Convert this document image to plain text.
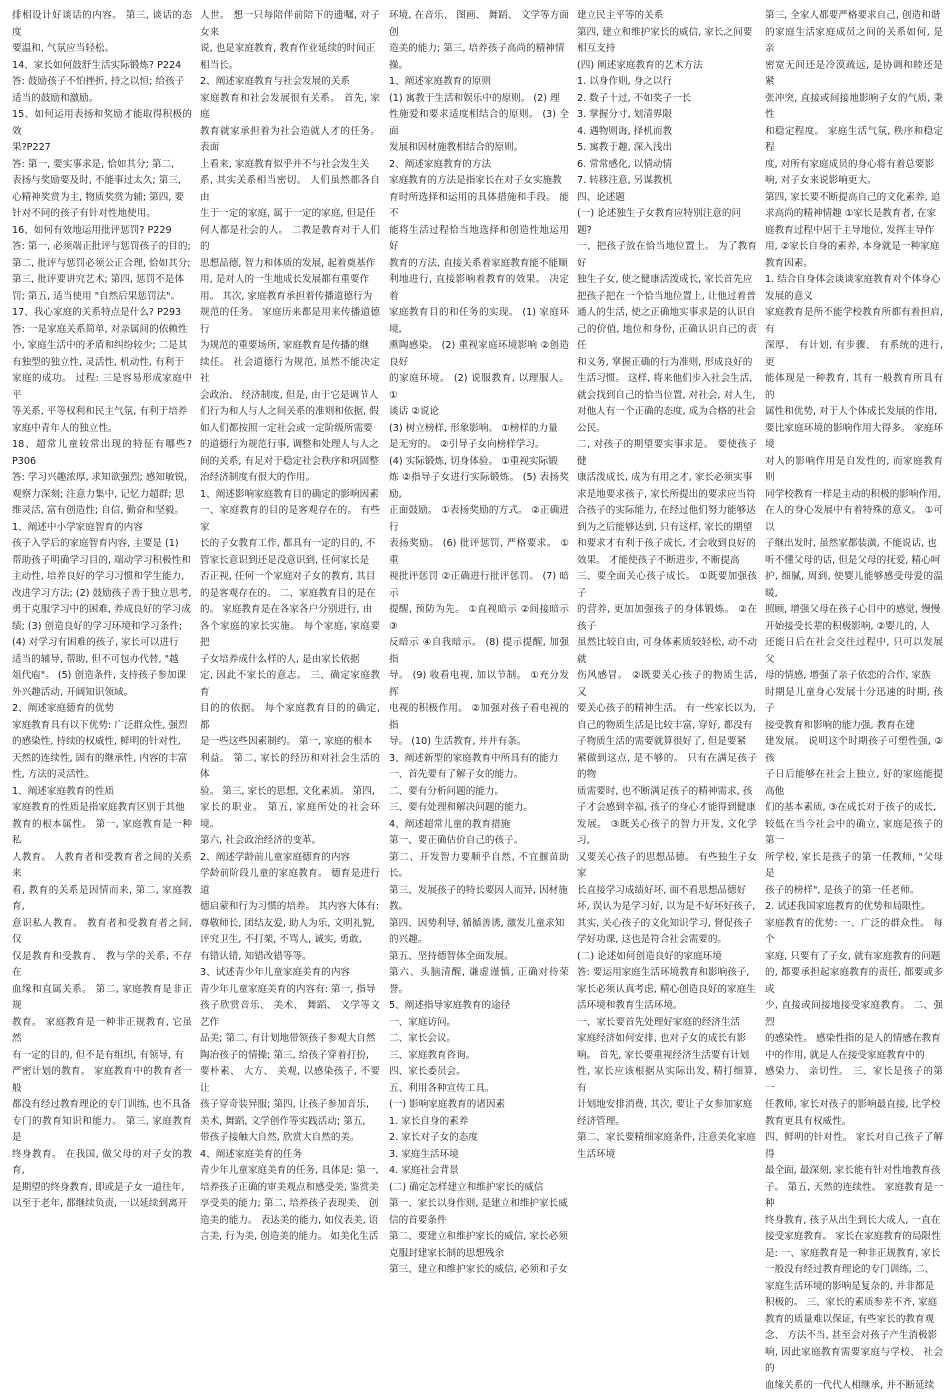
排相设计好谈话的内容。 第三, 谈话的态度

要温和, 气氛应当轻松。

14、家长如何鼓舒生活实际锻炼? P224

答: 鼓励孩子不怕挫折, 持之以恒; 给孩子

适当的鼓励和激励。

15、如何运用表扬和奖励才能取得积极的效

果?P227

答: 第一, 要实事求是, 恰如其分; 第二,

表扬与奖励要及时, 不能事过太久; 第三,

心精神奖赏为主, 物质奖赏为辅; 第四, 要

针对不同的孩子有针对性地使用。

16、如何有效地运用批评惩罚? P229

答: 第一, 必须端正批评与惩罚孩子的目的;

第二, 批评与惩罚必须公正合理, 恰如其分;

第三, 批评要讲究艺术; 第四, 惩罚不是体

罚; 第五, 适当使用 "自然后果惩罚法"。

17、我心家庭的关系特点是什么? P293

答: 一是家庭关系简单, 对亲属间的依赖性

小, 家庭生活中的矛盾和纠纷较少; 二是其

有独型的独立性, 灵活性, 机动性, 有利于

家庭的成功。 过程: 三是容易形成家庭中平

等关系, 平等权利和民主气氛, 有利于培养

家庭中青年人的独立性。

18、超常儿童较常出现的特征有哪些? P306

答: 学习兴趣浓厚, 求知欲强烈; 感知敏锐,

观察力深刻; 注意力集中, 记忆力超群; 思

维灵活, 富有创造性; 自信, 勤奋和坚毅。

1、阐述中小学家庭智育的内容

孩子入学后的家庭智育内容, 主要是 (1)

帮助孩子明确学习目的, 端动学习积极性和

主动性, 培养良好的学习习惯和学生能力,

改进学习方法; (2) 鼓励孩子善于独立思考,

勇于克服学习中的困难, 养成良好的学习成

绩; (3) 创造良好的学习环境和学习条件;

(4) 对学习有困难的孩子, 家长可以进行

适当的辅导, 帮助, 但不可包办代替, "越

俎代庖"。 (5) 创造条件, 支持孩子参加课

外兴趣活动, 开阔知识领域。

2、阐述家庭德育的优势

家庭教育具有以下优势: 广泛群众性, 强烈

的感染性, 持续的权威性, 鲜明的针对性,

天然的连续性, 固有的继承性, 内容的丰富

性, 方法的灵活性。

1、阐述家庭教育的性质

家庭教育的性质是指家庭教育区别于其他

教育的根本属性。 第一, 家庭教育是一种私

人教育。 人教育者和受教育者之间的关系来

看, 教育的关系是因情而来, 第二, 家庭教育,

意识私人教育。 教育者和受教育者之间, 仅

仅是教育和受教育、 教与学的关系, 不存在

血缘和直属关系。 第二, 家庭教育是非正规

教育。 家庭教育是一种非正规教育, 它虽然

有一定的目的, 但不是有组织, 有领导, 有

严密计划的教育。 家庭教育中的教育者一般

都没有经过教育理论的专门训练, 也不具备

专门的教育知识和能力。 第三, 家庭教育是

终身教育。 在我国, 做父母的对子女的教育,

是期望的终身教育, 即或是子女一道往年,

以至于老年, 都继续负责, 一以延续到离开

人世。 想一只每陪伴前陪下的遗嘱, 对子女来

说, 也是家庭教育, 教育作业延续的时间正

相当长。

2、阐述家庭教育与社会发展的关系

家庭教育和社会发展很有关系。 首先, 家庭

教育就家承担着为社会造就人才的任务。 表面

上看来, 家庭教育似乎并不与社会发生关

系, 其实关系相当密切。 人们虽然都各自由

生于一定的家庭, 属于一定的家庭, 但是任

何人都是社会的人。 二教是教育对于人们的

思想品德, 智力和体质的发展, 起着奠基作

用, 是对人的一生地成长发展都有重要作

用。 其次, 家庭教育承担着传播道德行为

规范的任务。 家庭历来都是用来传播道德行

为规范的重要场所, 家庭教育是传播的继

续任。 社会道德行为规范, 虽然不能决定社

会政治、 经济制度, 但是, 由于它是调节人

们行为和人与人之间关系的准则和依据, 假

如人们都按照一定社会或一定阶级所需要

的道德行为规范行事, 调整和处理人与人之

间的关系, 有足对于稳定社会秩序和巩固整

治经济制度有很大的作用。

1、阐述影响家庭教育目的确定的影响因素

一、家庭教育的目的是客观存在的。 有些家

长的子女教育工作, 都具有一定的目的, 不

管家长意识到还是没意识到, 任何家长是

否正视, 任何一个家庭对子女的教育, 其目

的是客观存在的。 二、家庭教育目的是在

的。 家庭教育是在各家各户分别进行, 由

各个家庭的家长实施。 每个家庭, 家庭要把

子女培养成什么样的人, 是由家长依据

定, 因此不家长的意志。 三、确定家庭教育

目的的依据。 每个家庭教育目的的确定, 都

是一些这些因素制约。 第一, 家庭的根本

利益。 第二, 家长的经历和对社会生活的体

验。 第三, 家长的思想, 文化素质。 第四,

家长的职业。 第五, 家庭所处的社会环境。

第六, 社会政治经济的变革。

2、阐述学龄前儿童家庭德育的内容

学龄前阶段儿童的家庭教育。 德育是进行道

德启蒙和行为习惯的培养。 其内容大体有:

尊敬师长, 团结友爱, 助人为乐, 文明礼貌,

评究卫生, 不打架, 不骂人, 诚实, 勇敢,

有错认错, 知错改错等等。

3、试述青少年儿童家庭美育的内容

青少年儿童家庭美育的内容有: 第一, 指导

孩子欣赏音乐、 美术、 舞蹈、 文学等文艺作

品美; 第二, 有计划地带领孩子参观大自然

陶冶孩子的情操; 第三, 给孩子穿着打扮,

要朴素、 大方、 美观, 以感染孩子, 不要让

孩子穿奇装异服; 第四, 让孩子参加音乐,

美术, 舞蹈, 文学创作等实践活动; 第五,

带孩子接触大自然, 欣赏大自然的美。

4、阐述家庭美育的任务

青少年儿童家庭美育的任务, 具体是: 第一,

培养孩子正确的审美观点和感受美, 鉴赏美

享受美的能力; 第二, 培养孩子表现美、 创

造美的能力。 表达美的能力, 如仪表美, 语

言美, 行为美, 创造美的能力。 如美化生活

环境, 在音乐、 图画、 舞蹈、 文学等方面创

造美的能力; 第三, 培养孩子高尚的精神情

操。

1、阐述家庭教育的原则

(1) 寓教于生活和娱乐中的原则。 (2) 理

性施爱和要求适度相结合的原则。 (3) 全面

发展和因材施教相结合的原则。

2、阐述家庭教育的方法

家庭教育的方法是指家长在对子女实施教

育时所选择和运用的具体措施和手段。 能不

能将生活过程恰当地选择和创造性地运用好

教育的方法, 直接关系着家庭教育能不能顺

利地进行, 直接影响着教育的效果。 决定着

家庭教育目的和任务的实现。 (1) 家庭环境,

熏陶感染。 (2) 重视家庭环境影响 ②创造良好

的家庭环境。 (2) 说服教育, 以理服人。 ①

谈话 ②说论

(3) 树立榜样, 形象影响。 ①榜样的力量

是无穷的。 ②引导子女向榜样学习。

(4) 实际锻炼, 切身体验。 ①重视实际锻

炼 ②指导子女进行实际锻炼。 (5) 表扬奖励,

正面鼓励。 ①表扬奖励的方式。 ②正确进行

表扬奖励。 (6) 批评惩罚, 严格要求。 ①重

视批评惩罚 ②正确进行批评惩罚。 (7) 暗示

提醒, 预防为先。 ①直视暗示 ②间接暗示 ③

反暗示 ④自我暗示。 (8) 提示提醒, 加强指

导。 (9) 收看电视, 加以节制。 ①充分发挥

电视的积极作用。 ②加强对孩子看电视的指

导。 (10) 生活教育, 并并有条。

3、阐述新型的家庭教育中所具有的能力

一、首先要有了解子女的能力。

二、要有分析问题的能力。

三、要有处理和解决问题的能力。

4、阐述超常儿童的教育措施

第一、要正确估价自己的孩子。

第二、开发智力要顺乎自然, 不宜揠苗助长。

第三、发展孩子的特长要因人而异, 因材施

教。

第四、因势利导, 循循善诱, 激发儿童求知

的兴趣。

第五、坚持德智体全面发展。

第六、头脑清醒, 谦虚谨慎, 正确对待荣誉。

5、阐述指导家庭教育的途径

一、家庭访问。

二、家长会议。

三、家庭教育咨询。

四、家长委员会。

五、利用各种宣传工具。

(一) 影响家庭教育的诸因素

1. 家长自身的素养

2. 家长对子女的态度

3. 家庭生活环境

4. 家庭社会背景

(二) 确定怎样建立和维护家长的威信

第一、家长以身作则, 是建立和维护家长威

信的首要条件

第二、要建立和维护家长的威信, 家长必须

克服封建家长制的思想残余

第三、建立和维护家长的威信, 必须和子女

建立民主平等的关系

第四, 建立和维护家长的威信, 家长之间要

相互支持

(四) 阐述家庭教育的艺术方法

1. 以身作则, 身之以行

2. 数子十过, 不如奖子一长

3. 掌握分寸, 划清界限

4. 遇物则诲, 择机而教

5. 寓教于趣, 深入浅出

6. 常常感化, 以情动情

7. 转移注意, 另谋教机

四、论述题

(一) 论述独生子女教育应特别注意的问

题?

一、把孩子放在恰当地位置上。 为了教育好

独生子女, 使之健康活泼成长, 家长首先应

把孩子把在一个恰当地位置上, 让他过着普

通人的生活, 使之正确地实事求是的认识自

己的价值, 地位和身份, 正确认识自己的责任

和义务, 掌握正确的行为准则, 形成良好的

生活习惯。 这样, 将来他们步入社会生活,

就会找到自己的恰当位置, 对社会, 对人生,

对他人有一个正确的态度, 成为合格的社会

公民。

二, 对孩子的期望要实事求是。 要使孩子健

康活泼成长, 成为有用之才, 家长必须实事

求是地要求孩子, 家长所提出的要求应当符

合孩子的实际能力, 在经过他们努力能够达

到为之后能够达到, 只有这样, 家长的期望

和要求才有利于孩子成长, 才会收到良好的

效果。 才能使孩子不断进步, 不断提高

三、要全面关心孩子成长。 ①既要加强孩子

的营养, 更加加强孩子的身体锻炼。 ②在孩子

虽然比较自由, 可身体素质较轻松, 动不动就

伤风感冒。 ②既要关心孩子的物质生活, 又

要关心孩子的精神生活。 有一些家长以为,

自己的物质生活是比较丰富, 穿好, 都没有

子物质生活的需要就算很好了, 但是要紧

紧做到这点, 是不够的。 只有在满足孩子的物

质需要时, 也不断满足孩子的精神需求, 孩

子才会感到幸福, 孩子的身心才能得到健康

发展。 ③既关心孩子的智力开发, 文化学习,

又要关心孩子的思想品德。 有些独生子女家

长直接学习成绩好坏, 面不看思想品德好

坏, 误认为是学习好, 以为是不好坏好孩子,

其实, 关心孩子的文化知识学习, 督促孩子

学好功课, 这也是符合社会需要的。

(二) 论述如何创造良好的家庭环境

答: 要运用家庭生活环境教育和影响孩子,

家长必须认真考虑, 精心创造良好的家庭生

活环境和教育生活环境。

一、家长要首先处理好家庭的经济生活

家庭经济如何安排, 也对子女的成长有影

响。 首先, 家长要重视经济生活要有计划

性, 家长应该根据从实际出发, 精打细算, 有

计划地安排消费, 其次, 要让子女参加家庭

经济管理。

第二、家长要精细家庭条件, 注意美化家庭

生活环境

第三, 全家人都要严格要求自己, 创造和谐

的家庭生活家庭成员之间的关系如何, 是亲

密宽无间还是冷漠疏远, 是协调和睦还是紧

张冲突, 直接或间接地影响子女的气质, 秉性

和稳定程度。 家庭生活气氛, 秩序和稳定程

度, 对所有家庭成员的身心将有着总要影

响, 对子女来说影响更大。

第四, 家长要不断提高自己的文化素养, 追

求高尚的精神情趣 ①家长是教育者, 在家

庭教育过程中居于主导地位, 发挥主导作

用, ②家长自身的素养, 本身就是一种家庭

教育因素。

1. 结合自身体会谈谈家庭教育对个体身心

发展的意义

家庭教育是所不能学校教育所都有着担肩, 有

深厚、 有计划, 有步骤、 有系统的进行, 更

能体现是一种教育, 其有一般教育所具有的

属性和优势, 对于人个体成长发展的作用,

要比家庭环境的影响作用大得多。 家庭环境

对人的影响作用是自发性的, 而家庭教育则

同学校教育一样是主动的积极的影响作用,

在人的身心发展中有着特殊的意义。 ①可以

子继出发时, 虽然家都装潢, 不能说话, 也

听不懂父母的话, 但是父母的抚爱, 精心呵

护, 细腻, 周到, 使婴儿能够感受母爱的温暖,

照顾, 增强父母在孩子心目中的感觉, 慢慢

开始接受长辈的积极影响, ②婴儿的, 人

还能日后在社会交往过程中, 只可以发展父

母的情感, 增强了亲子依恋的合作, 家族

时期是儿童身心发展十分迅速的时期, 孩子

接受教育和影响的能力强, 教育在建

建发展。 说明这个时期孩子可塑性强, ②孩

子日后能够在社会上独立, 好的家庭能提高他

们的基本素质, ③在成长对于孩子的成长,

较低在当今社会中的确立, 家庭是孩子的第一

所学校, 家长是孩子的第一任教师, "父母是

孩子的榜样", 是孩子的第一任老师。

2. 试述我国家庭教育的优势和局限性。

家庭教育的优势: 一、广泛的群众性。 每个

家庭, 只要有了子女, 就有家庭教育的问题

的, 都要承担起家庭教育的责任, 都要或多或

少, 直接或间接地接受家庭教育。 二、强烈

的感染性。 感染性指的是人的情感在教育

中的作用, 就是人在接受家庭教育中的

感染力、 亲切性。 三、家长是孩子的第一

任教师, 家长对孩子的影响最直接, 比学校

教育更具有权威性。

四、鲜明的针对性。 家长对自己孩子了解得

最全面, 最深刻, 家长能有针对性地教育孩

子。 第五, 天然的连续性。 家庭教育是一种

终身教育, 孩子从出生到长大成人, 一直在

接受家庭教育。 家长在家庭教育的局限性

是: 一、家庭教育是一种非正规教育, 家长

一般没有经过教育理论的专门训练, 二、

家庭生活环境的影响是复杂的, 并非都是

积极的。 三、家长的素质参差不齐, 家庭

教育的质量难以保证, 有些家长的教育观

念、 方法不当, 甚至会对孩子产生消极影

响, 因此家庭教育需要家庭与学校、 社会的

血缘关系的一代代人相继承, 并不断延续
